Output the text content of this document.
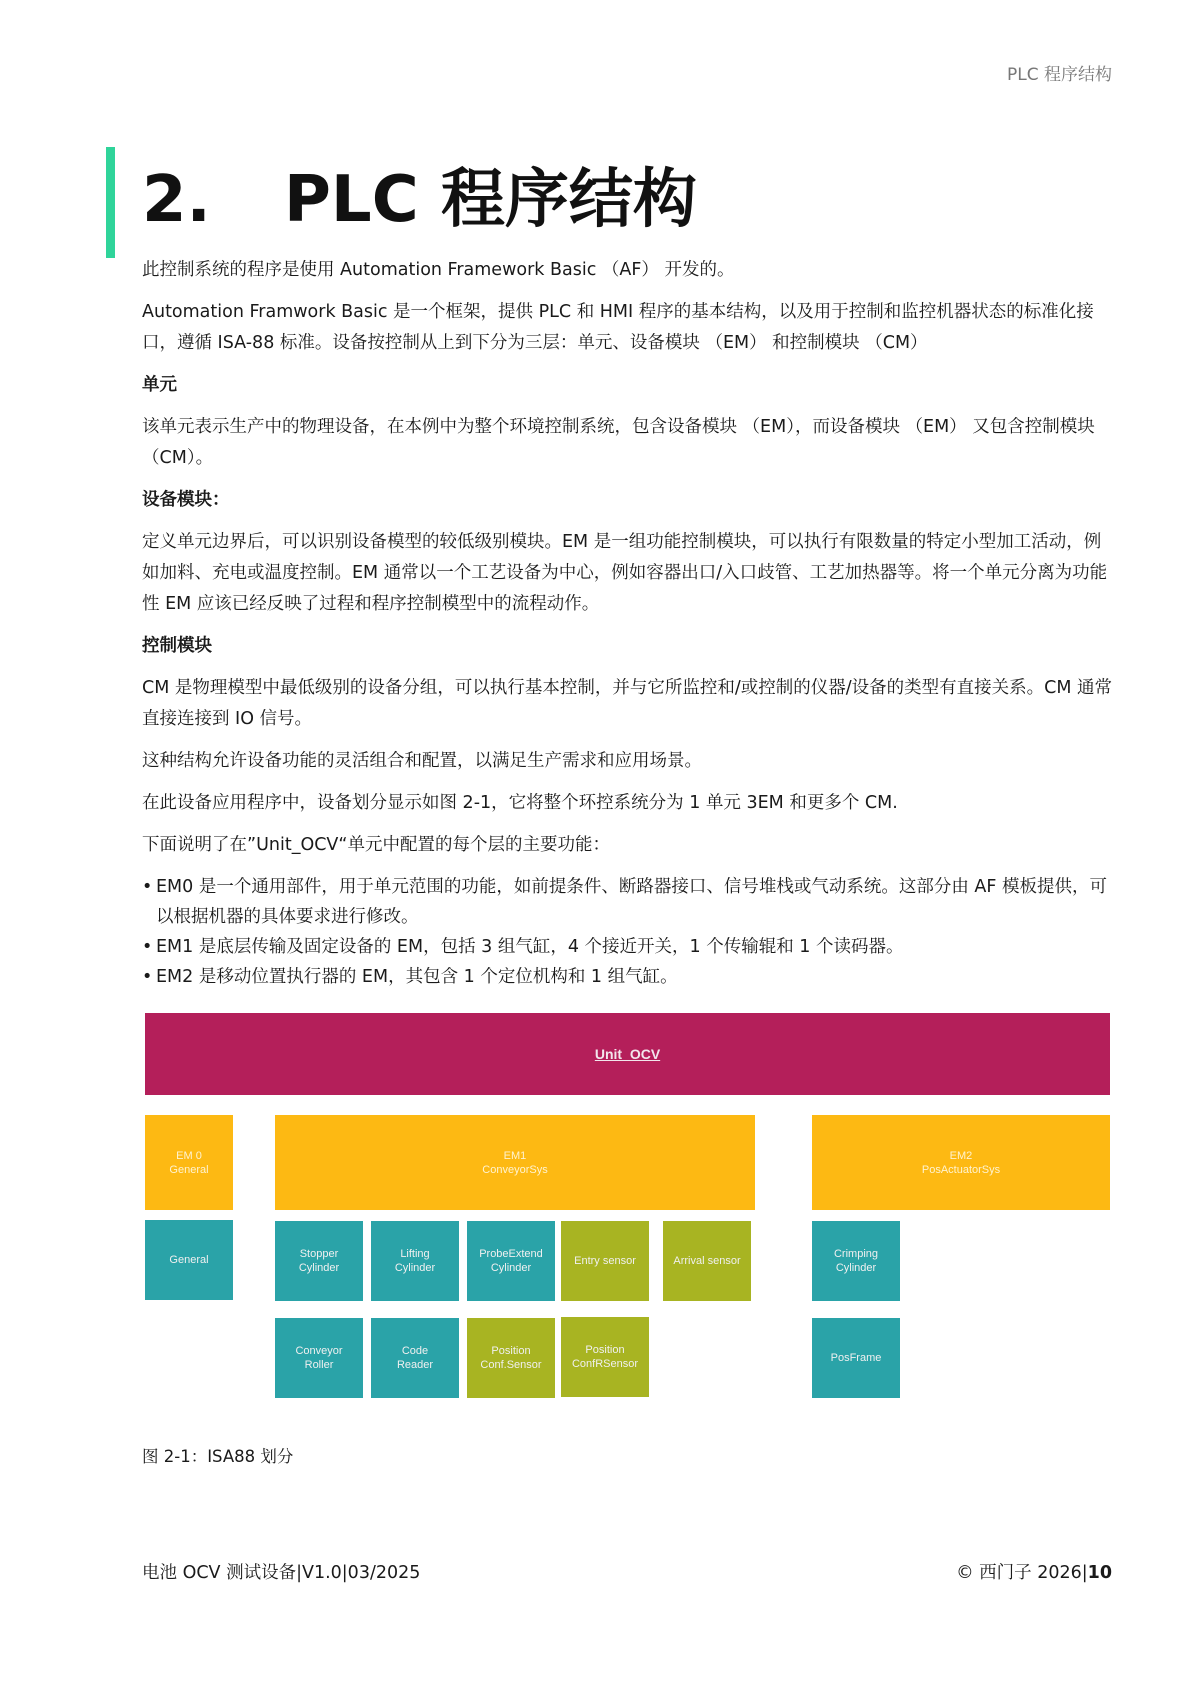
PLC 程序结构
2. PLC 程序结构

此控制系统的程序是使用 Automation Framework Basic （AF） 开发的。

Automation Framwork Basic 是一个框架，提供 PLC 和 HMI 程序的基本结构，以及用于控制和监控机器状态的标准化接口，遵循 ISA-88 标准。设备按控制从上到下分为三层：单元、设备模块 （EM） 和控制模块 （CM）

单元

该单元表示生产中的物理设备，在本例中为整个环境控制系统，包含设备模块 （EM），而设备模块 （EM） 又包含控制模块 （CM）。

设备模块：

定义单元边界后，可以识别设备模型的较低级别模块。EM 是一组功能控制模块，可以执行有限数量的特定小型加工活动，例如加料、充电或温度控制。EM 通常以一个工艺设备为中心，例如容器出口/入口歧管、工艺加热器等。将一个单元分离为功能性 EM 应该已经反映了过程和程序控制模型中的流程动作。

控制模块

CM 是物理模型中最低级别的设备分组，可以执行基本控制，并与它所监控和/或控制的仪器/设备的类型有直接关系。CM 通常直接连接到 IO 信号。

这种结构允许设备功能的灵活组合和配置，以满足生产需求和应用场景。

在此设备应用程序中，设备划分显示如图 2-1，它将整个环控系统分为 1 单元 3EM 和更多个 CM.

下面说明了在”Unit_OCV“单元中配置的每个层的主要功能：

• EM0 是一个通用部件，用于单元范围的功能，如前提条件、断路器接口、信号堆栈或气动系统。这部分由 AF 模板提供，可以根据机器的具体要求进行修改。
• EM1 是底层传输及固定设备的 EM，包括 3 组气缸，4 个接近开关，1 个传输辊和 1 个读码器。
• EM2 是移动位置执行器的 EM，其包含 1 个定位机构和 1 组气缸。
Unit_OCV
EM 0
General
EM1
ConveyorSys
EM2
PosActuatorSys
General	Stopper
Cylinder
Lifting
Cylinder
ProbeExtend
Cylinder
Entry sensor	Arrival sensor
Crimping
Cylinder
Conveyor
Roller
Code
Reader
Position
Conf.Sensor
Position
ConfRSensor	PosFrame
图 2-1：ISA88 划分
电池 OCV 测试设备|V1.0|03/2025	© 西门子 2026|10
